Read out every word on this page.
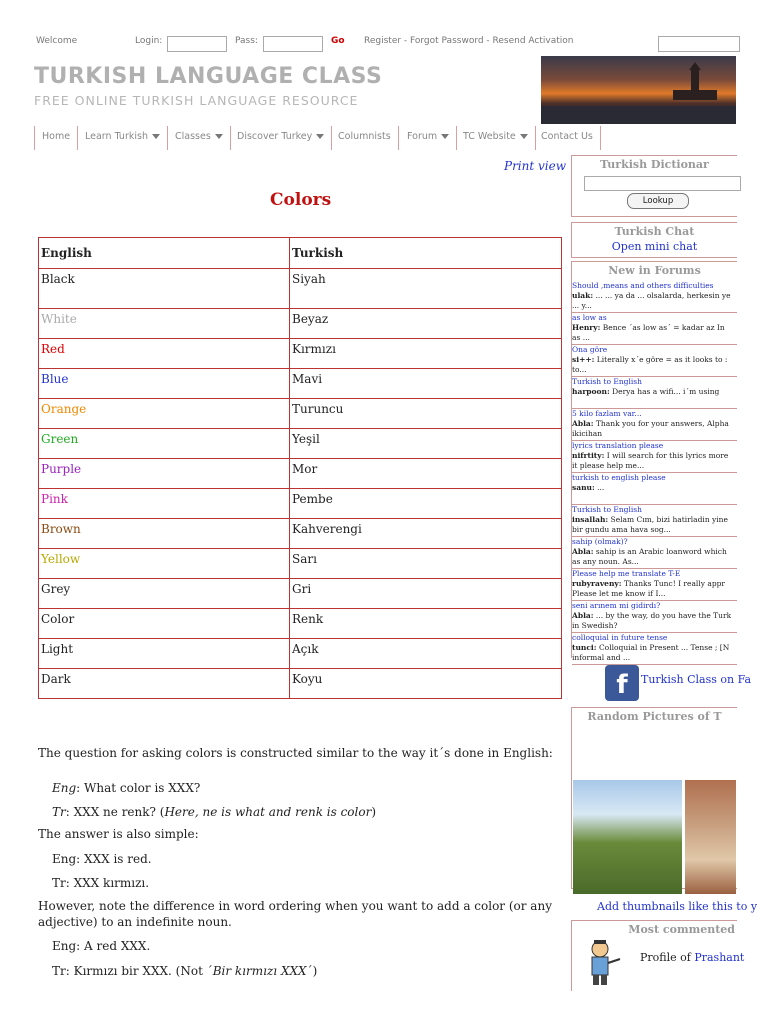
Welcome	Login:	Pass:	Go Register - Forgot Password - Resend Activation
TURKISH LANGUAGE CLASS
FREE ONLINE TURKISH LANGUAGE RESOURCE
Home	Learn Turkish	Classes	Discover Turkey	Columnists	Forum	TC Website	Contact Us
Print view
Colors
English	Turkish
Black	Siyah
White	Beyaz
Red	Kırmızı
Blue	Mavi
Orange	Turuncu
Green	Yeşil
Purple	Mor
Pink	Pembe
Brown	Kahverengi
Yellow	Sarı
Grey	Gri
Color	Renk
Light	Açık
Dark	Koyu
The question for asking colors is constructed similar to the way it´s done in English:
Eng: What color is XXX?
Tr: XXX ne renk? (Here, ne is what and renk is color)
The answer is also simple:
Eng: XXX is red.
Tr: XXX kırmızı.
However, note the difference in word ordering when you want to add a color (or any adjective) to an indefinite noun.
Eng: A red XXX.
Tr: Kırmızı bir XXX. (Not ´Bir kırmızı XXX´)
Turkish Dictionar
Lookup
Turkish Chat
Open mini chat
New in Forums
Should ,means and others difficulties
ulak: ... ... ya da ... olsalarda, herkesin ye
... y...
as low as
Henry: Bence ´as low as´ = kadar az In
as ...
Ona göre
si++: Literally x´e göre = as it looks to :
to...
Turkish to English
harpoon: Derya has a wifi... i´m using
5 kilo fazlam var...
Abla: Thank you for your answers, Alpha
ikicihan
lyrics translation please
nifrtity: I will search for this lyrics more
it please help me...
turkish to english please
sanu: ...
Turkish to English
insallah: Selam Cım, bizi hatirladin yine
bir gundu ama hava sog...
sahip (olmak)?
Abla: sahip is an Arabic loanword which
as any noun. As...
Please help me translate T-E
rubyraveny: Thanks Tunc! I really appr
Please let me know if I...
seni arınem mi gidirdı?
Abla: ... by the way, do you have the Turk
in Swedish?
colloquial in future tense
tunci: Colloquial in Present ... Tense ; [N
informal and ...
f	Turkish Class on Fa
Random Pictures of T
Add thumbnails like this to y
Most commented
Profile of Prashant
